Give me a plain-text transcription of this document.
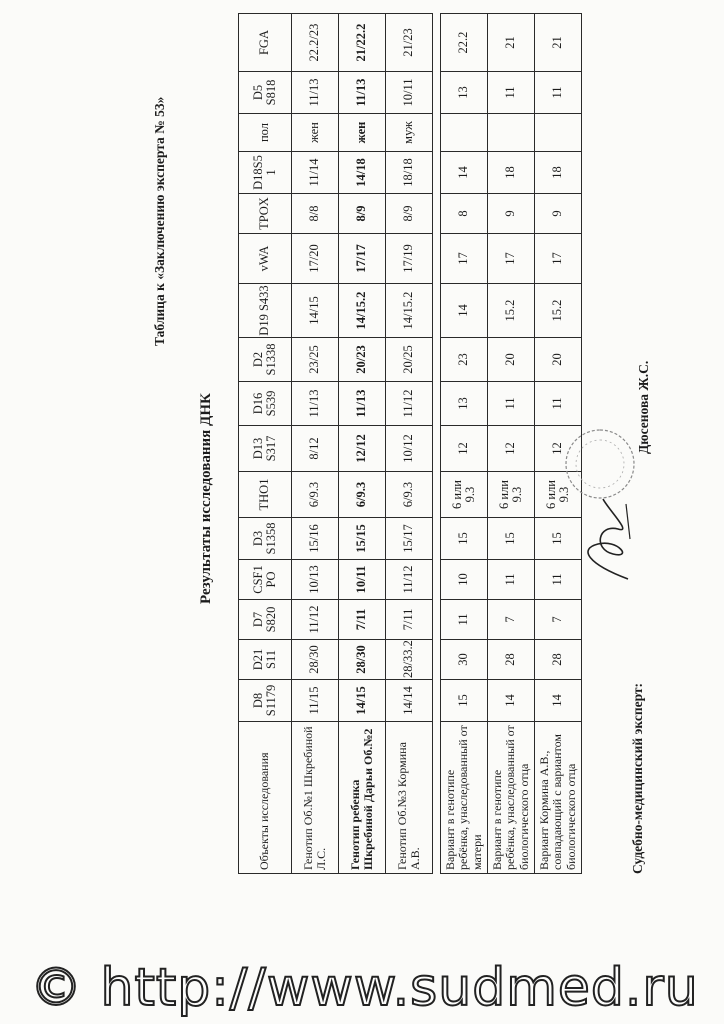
Таблица к «Заключению эксперта № 53»
Результаты исследования ДНК
Объекты исследования	D8 S1179	D21 S11	D7 S820	CSF1 PO	D3 S1358	THO1	D13 S317	D16 S539	D2 S1338	D19 S433	vWA	TPOX	D18S5 1	пол	D5 S818	FGA
Генотип Об.№1 Шкребиной Л.С.	11/15	28/30	11/12	10/13	15/16	6/9.3	8/12	11/13	23/25	14/15	17/20	8/8	11/14	жен	11/13	22.2/23
Генотип ребенка Шкребиной Дарьи Об.№2	14/15	28/30	7/11	10/11	15/15	6/9.3	12/12	11/13	20/23	14/15.2	17/17	8/9	14/18	жен	11/13	21/22.2
Генотип Об.№3 Кормина А.В.	14/14	28/33.2	7/11	11/12	15/17	6/9.3	10/12	11/12	20/25	14/15.2	17/19	8/9	18/18	муж	10/11	21/23

Вариант в генотипе ребёнка, унаследованный от матери	15	30	11	10	15	6 или 9.3	12	13	23	14	17	8	14		13	22.2
Вариант в генотипе ребёнка, унаследованный от биологического отца	14	28	7	11	15	6 или 9.3	12	11	20	15.2	17	9	18		11	21
Вариант Кормина А.В., совпадающий с вариантом биологического отца	14	28	7	11	15	6 или 9.3	12	11	20	15.2	17	9	18		11	21
Судебно-медицинский эксперт:
Дюсенова Ж.С.
© http://www.sudmed.ru
